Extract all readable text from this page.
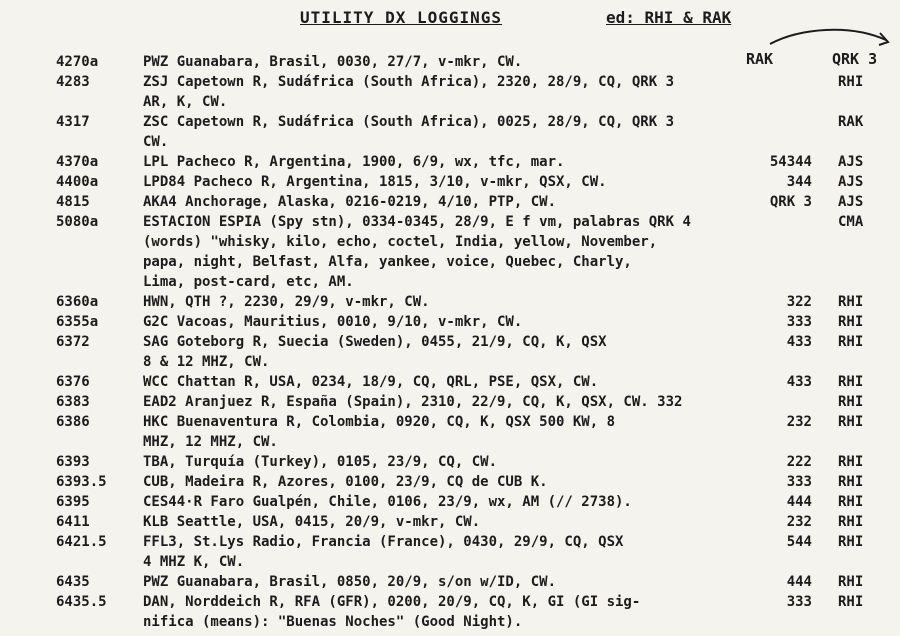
UTILITY DX LOGGINGS	ed: RHI & RAK
RAK	QRK 3
4270a	PWZ Guanabara, Brasil, 0030, 27/7, v-mkr, CW.
4283	ZSJ Capetown R, Sudáfrica (South Africa), 2320, 28/9, CQ, QRK 3	RHI
AR, K, CW.
4317	ZSC Capetown R, Sudáfrica (South Africa), 0025, 28/9, CQ, QRK 3	RAK
CW.
4370a	LPL Pacheco R, Argentina, 1900, 6/9, wx, tfc, mar.	54344 AJS
4400a	LPD84 Pacheco R, Argentina, 1815, 3/10, v-mkr, QSX, CW.	344 AJS
4815	AKA4 Anchorage, Alaska, 0216-0219, 4/10, PTP, CW.	QRK 3 AJS
5080a	ESTACION ESPIA (Spy stn), 0334-0345, 28/9, E f vm, palabras QRK 4	CMA
(words) "whisky, kilo, echo, coctel, India, yellow, November,
papa, night, Belfast, Alfa, yankee, voice, Quebec, Charly,
Lima, post-card, etc, AM.
6360a	HWN, QTH ?, 2230, 29/9, v-mkr, CW.	322 RHI
6355a	G2C Vacoas, Mauritius, 0010, 9/10, v-mkr, CW.	333 RHI
6372	SAG Goteborg R, Suecia (Sweden), 0455, 21/9, CQ, K, QSX	433 RHI
8 & 12 MHZ, CW.
6376	WCC Chattan R, USA, 0234, 18/9, CQ, QRL, PSE, QSX, CW.	433 RHI
6383	EAD2 Aranjuez R, España (Spain), 2310, 22/9, CQ, K, QSX, CW. 332	RHI
6386	HKC Buenaventura R, Colombia, 0920, CQ, K, QSX 500 KW, 8	232 RHI
MHZ, 12 MHZ, CW.
6393	TBA, Turquía (Turkey), 0105, 23/9, CQ, CW.	222 RHI
6393.5	CUB, Madeira R, Azores, 0100, 23/9, CQ de CUB K.	333 RHI
6395	CES44·R Faro Gualpén, Chile, 0106, 23/9, wx, AM (// 2738).	444 RHI
6411	KLB Seattle, USA, 0415, 20/9, v-mkr, CW.	232 RHI
6421.5	FFL3, St.Lys Radio, Francia (France), 0430, 29/9, CQ, QSX	544 RHI
4 MHZ K, CW.
6435	PWZ Guanabara, Brasil, 0850, 20/9, s/on w/ID, CW.	444 RHI
6435.5	DAN, Norddeich R, RFA (GFR), 0200, 20/9, CQ, K, GI (GI sig-	333 RHI
nifica (means): "Buenas Noches" (Good Night).
